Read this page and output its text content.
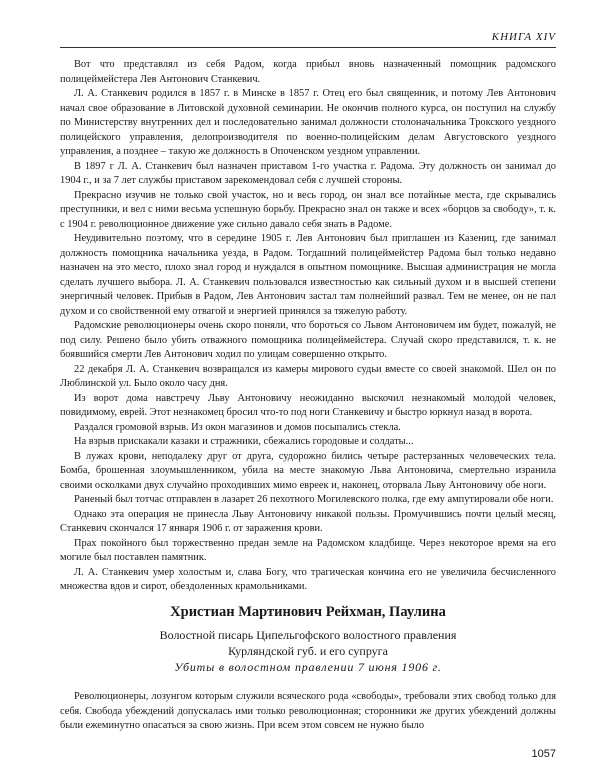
КНИГА XIV

Вот что представлял из себя Радом, когда прибыл вновь назначенный помощник радомского полицеймейстера Лев Антонович Станкевич.

Л. А. Станкевич родился в 1857 г. в Минске в 1857 г. Отец его был священник, и потому Лев Антонович начал свое образование в Литовской духовной семинарии. Не окончив полного курса, он поступил на службу по Министерству внутренних дел и последовательно занимал должности столоначальника Трокского уездного полицейского управления, делопроизводителя по военно-полицейским делам Августовского уездного управления, а позднее – такую же должность в Опоченском уездном управлении.

В 1897 г Л. А. Станкевич был назначен приставом 1-го участка г. Радома. Эту должность он занимал до 1904 г., и за 7 лет службы приставом зарекомендовал себя с лучшей стороны.

Прекрасно изучив не только свой участок, но и весь город, он знал все потайные места, где скрывались преступники, и вел с ними весьма успешную борьбу. Прекрасно знал он также и всех «борцов за свободу», т. к. с 1904 г. революционное движение уже сильно давало себя знать в Радоме.

Неудивительно поэтому, что в середине 1905 г. Лев Антонович был приглашен из Казениц, где занимал должность помощника начальника уезда, в Радом. Тогдашний полицеймейстер Радома был только недавно назначен на это место, плохо знал город и нуждался в опытном помощнике. Высшая администрация не могла сделать лучшего выбора. Л. А. Станкевич пользовался известностью как сильный духом и в высшей степени энергичный человек. Прибыв в Радом, Лев Антонович застал там полнейший развал. Тем не менее, он не пал духом и со свойственной ему отвагой и энергией принялся за тяжелую работу.

Радомские революционеры очень скоро поняли, что бороться со Львом Антоновичем им будет, пожалуй, не под силу. Решено было убить отважного помощника полицеймейстера. Случай скоро представился, т. к. не боявшийся смерти Лев Антонович ходил по улицам совершенно открыто.

22 декабря Л. А. Станкевич возвращался из камеры мирового судьи вместе со своей знакомой. Шел он по Люблинской ул. Было около часу дня.

Из ворот дома навстречу Льву Антоновичу неожиданно выскочил незнакомый молодой человек, повидимому, еврей. Этот незнакомец бросил что-то под ноги Станкевичу и быстро юркнул назад в ворота.

Раздался громовой взрыв. Из окон магазинов и домов посыпались стекла.

На взрыв прискакали казаки и стражники, сбежались городовые и солдаты...

В лужах крови, неподалеку друг от друга, судорожно бились четыре растерзанных человеческих тела. Бомба, брошенная злоумышленником, убила на месте знакомую Льва Антоновича, смертельно изранила своими осколками двух случайно проходивших мимо евреек и, наконец, оторвала Льву Антоновичу обе ноги.

Раненый был тотчас отправлен в лазарет 26 пехотного Могилевского полка, где ему ампутировали обе ноги.

Однако эта операция не принесла Льву Антоновичу никакой пользы. Промучившись почти целый месяц, Станкевич скончался 17 января 1906 г. от заражения крови.

Прах покойного был торжественно предан земле на Радомском кладбище. Через некоторое время на его могиле был поставлен памятник.

Л. А. Станкевич умер холостым и, слава Богу, что трагическая кончина его не увеличила бесчисленного множества вдов и сирот, обездоленных крамольниками.

Христиан Мартинович Рейхман, Паулина
Волостной писарь Ципельгофского волостного правления
Курляндской губ. и его супруга
Убиты в волостном правлении 7 июня 1906 г.

Революционеры, лозунгом которым служили всяческого рода «свободы», требовали этих свобод только для себя. Свобода убеждений допускалась ими только революционная; сторонники же других убеждений должны были ежеминутно опасаться за свою жизнь. При всем этом совсем не нужно было

1057
